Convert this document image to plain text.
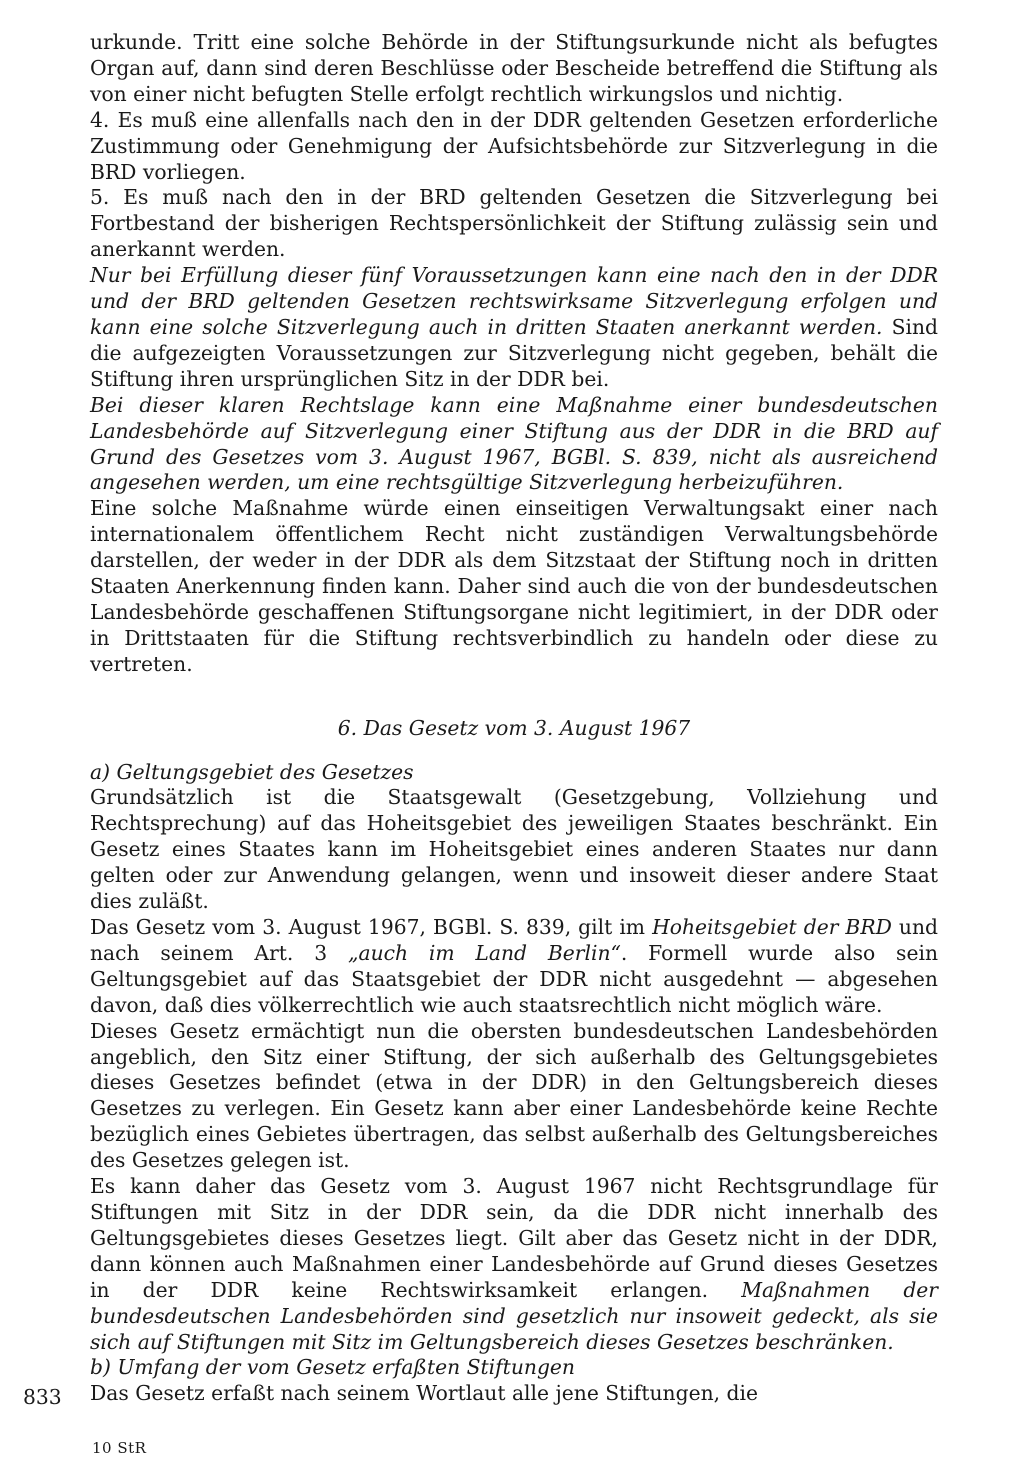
urkunde. Tritt eine solche Behörde in der Stiftungsurkunde nicht als befugtes Organ auf, dann sind deren Beschlüsse oder Bescheide betreffend die Stiftung als von einer nicht befugten Stelle erfolgt rechtlich wirkungslos und nichtig.

4. Es muß eine allenfalls nach den in der DDR geltenden Gesetzen erforderliche Zustimmung oder Genehmigung der Aufsichtsbehörde zur Sitzverlegung in die BRD vorliegen.

5. Es muß nach den in der BRD geltenden Gesetzen die Sitzverlegung bei Fortbestand der bisherigen Rechtspersönlichkeit der Stiftung zulässig sein und anerkannt werden.

Nur bei Erfüllung dieser fünf Voraussetzungen kann eine nach den in der DDR und der BRD geltenden Gesetzen rechtswirksame Sitzverlegung erfolgen und kann eine solche Sitzverlegung auch in dritten Staaten anerkannt werden. Sind die aufgezeigten Voraussetzungen zur Sitzverlegung nicht gegeben, behält die Stiftung ihren ursprünglichen Sitz in der DDR bei.

Bei dieser klaren Rechtslage kann eine Maßnahme einer bundesdeutschen Landesbehörde auf Sitzverlegung einer Stiftung aus der DDR in die BRD auf Grund des Gesetzes vom 3. August 1967, BGBl. S. 839, nicht als ausreichend angesehen werden, um eine rechtsgültige Sitzverlegung herbeizuführen.

Eine solche Maßnahme würde einen einseitigen Verwaltungsakt einer nach internationalem öffentlichem Recht nicht zuständigen Verwaltungsbehörde darstellen, der weder in der DDR als dem Sitzstaat der Stiftung noch in dritten Staaten Anerkennung finden kann. Daher sind auch die von der bundesdeutschen Landesbehörde geschaffenen Stiftungsorgane nicht legitimiert, in der DDR oder in Drittstaaten für die Stiftung rechtsverbindlich zu handeln oder diese zu vertreten.

6. Das Gesetz vom 3. August 1967

a) Geltungsgebiet des Gesetzes

Grundsätzlich ist die Staatsgewalt (Gesetzgebung, Vollziehung und Rechtsprechung) auf das Hoheitsgebiet des jeweiligen Staates beschränkt. Ein Gesetz eines Staates kann im Hoheitsgebiet eines anderen Staates nur dann gelten oder zur Anwendung gelangen, wenn und insoweit dieser andere Staat dies zuläßt.

Das Gesetz vom 3. August 1967, BGBl. S. 839, gilt im Hoheitsgebiet der BRD und nach seinem Art. 3 „auch im Land Berlin“. Formell wurde also sein Geltungsgebiet auf das Staatsgebiet der DDR nicht ausgedehnt — abgesehen davon, daß dies völkerrechtlich wie auch staatsrechtlich nicht möglich wäre.

Dieses Gesetz ermächtigt nun die obersten bundesdeutschen Landesbehörden angeblich, den Sitz einer Stiftung, der sich außerhalb des Geltungsgebietes dieses Gesetzes befindet (etwa in der DDR) in den Geltungsbereich dieses Gesetzes zu verlegen. Ein Gesetz kann aber einer Landesbehörde keine Rechte bezüglich eines Gebietes übertragen, das selbst außerhalb des Geltungsbereiches des Gesetzes gelegen ist.

Es kann daher das Gesetz vom 3. August 1967 nicht Rechtsgrundlage für Stiftungen mit Sitz in der DDR sein, da die DDR nicht innerhalb des Geltungsgebietes dieses Gesetzes liegt. Gilt aber das Gesetz nicht in der DDR, dann können auch Maßnahmen einer Landesbehörde auf Grund dieses Gesetzes in der DDR keine Rechtswirksamkeit erlangen. Maßnahmen der bundesdeutschen Landesbehörden sind gesetzlich nur insoweit gedeckt, als sie sich auf Stiftungen mit Sitz im Geltungsbereich dieses Gesetzes beschränken.

b) Umfang der vom Gesetz erfaßten Stiftungen

Das Gesetz erfaßt nach seinem Wortlaut alle jene Stiftungen, die

833
10 StR
